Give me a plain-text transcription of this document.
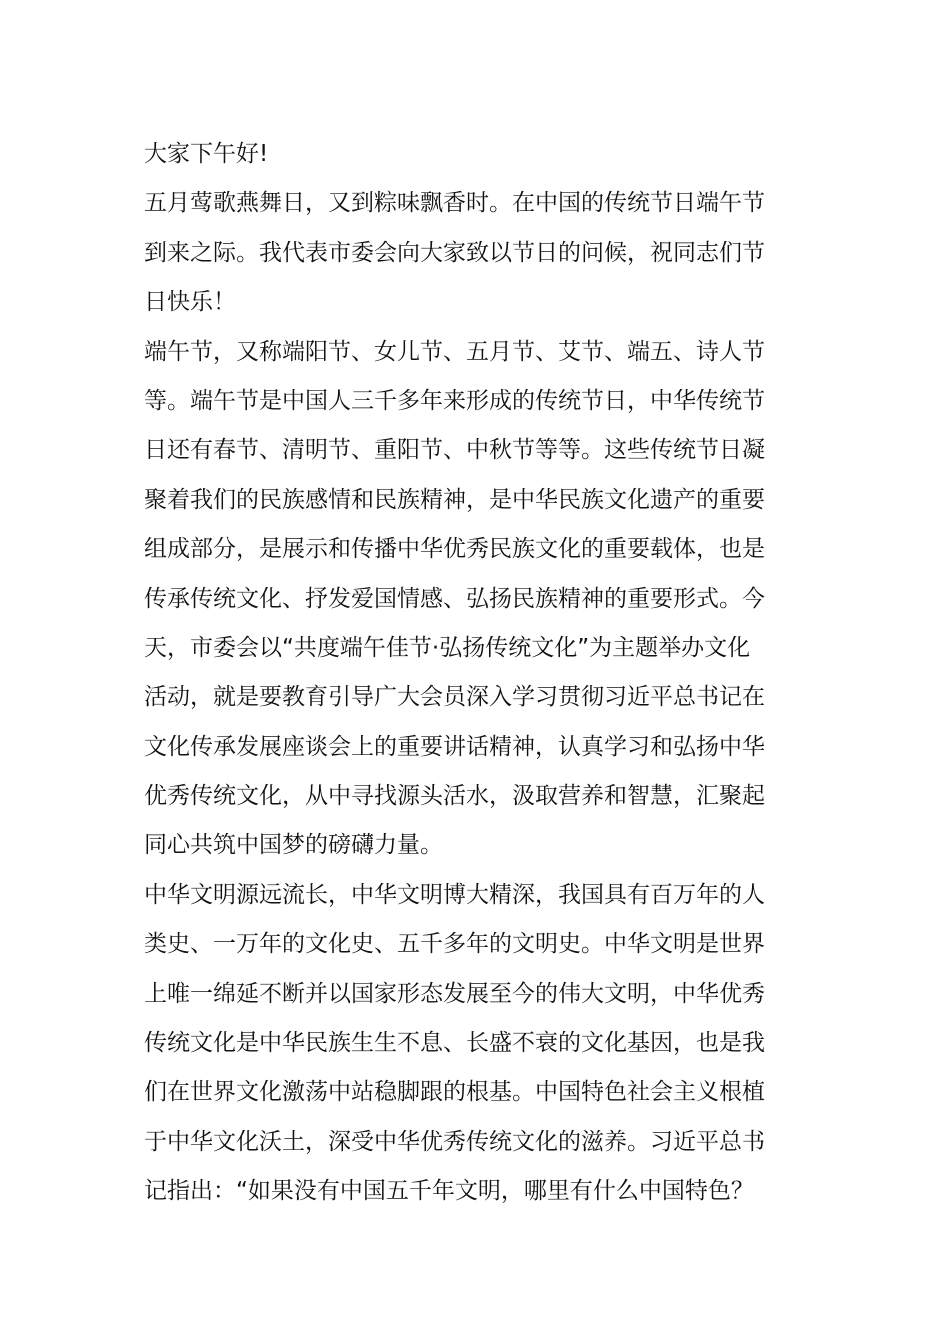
大家下午好!
五月莺歌燕舞日，又到粽味飘香时。在中国的传统节日端午节
到来之际。我代表市委会向大家致以节日的问候，祝同志们节
日快乐！
端午节，又称端阳节、女儿节、五月节、艾节、端五、诗人节
等。端午节是中国人三千多年来形成的传统节日，中华传统节
日还有春节、清明节、重阳节、中秋节等等。这些传统节日凝
聚着我们的民族感情和民族精神，是中华民族文化遗产的重要
组成部分，是展示和传播中华优秀民族文化的重要载体，也是
传承传统文化、抒发爱国情感、弘扬民族精神的重要形式。今
天，市委会以“共度端午佳节·弘扬传统文化”为主题举办文化
活动，就是要教育引导广大会员深入学习贯彻习近平总书记在
文化传承发展座谈会上的重要讲话精神，认真学习和弘扬中华
优秀传统文化，从中寻找源头活水，汲取营养和智慧，汇聚起
同心共筑中国梦的磅礴力量。
中华文明源远流长，中华文明博大精深，我国具有百万年的人
类史、一万年的文化史、五千多年的文明史。中华文明是世界
上唯一绵延不断并以国家形态发展至今的伟大文明，中华优秀
传统文化是中华民族生生不息、长盛不衰的文化基因，也是我
们在世界文化激荡中站稳脚跟的根基。中国特色社会主义根植
于中华文化沃土，深受中华优秀传统文化的滋养。习近平总书
记指出：“如果没有中国五千年文明，哪里有什么中国特色？
